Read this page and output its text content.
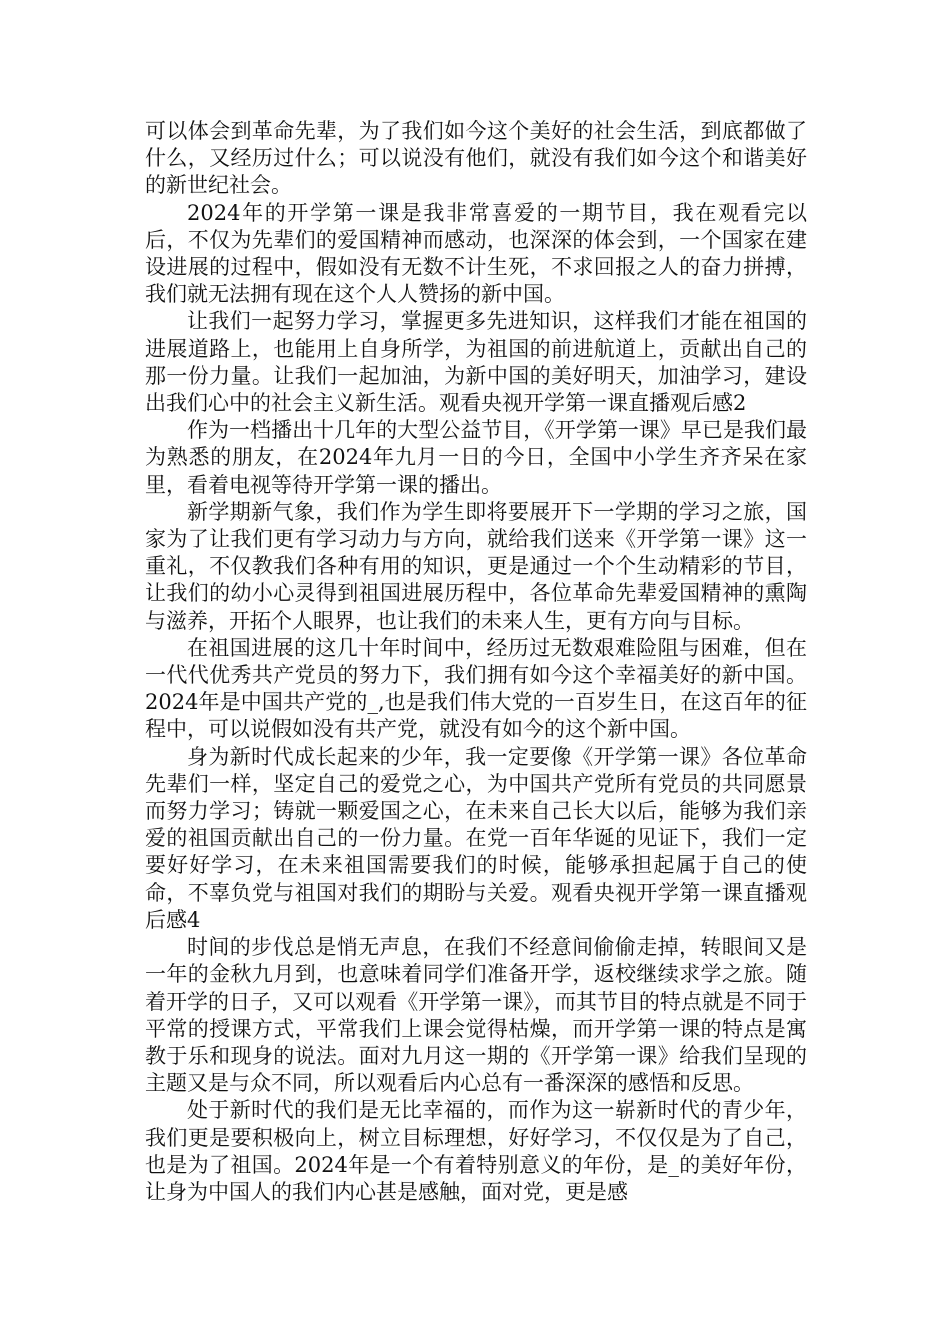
可以体会到革命先辈，为了我们如今这个美好的社会生活，到底都做了什么，又经历过什么；可以说没有他们，就没有我们如今这个和谐美好的新世纪社会。

2024年的开学第一课是我非常喜爱的一期节目，我在观看完以后，不仅为先辈们的爱国精神而感动，也深深的体会到，一个国家在建设进展的过程中，假如没有无数不计生死，不求回报之人的奋力拼搏，我们就无法拥有现在这个人人赞扬的新中国。

让我们一起努力学习，掌握更多先进知识，这样我们才能在祖国的进展道路上，也能用上自身所学，为祖国的前进航道上，贡献出自己的那一份力量。让我们一起加油，为新中国的美好明天，加油学习，建设出我们心中的社会主义新生活。观看央视开学第一课直播观后感2

作为一档播出十几年的大型公益节目，《开学第一课》早已是我们最为熟悉的朋友，在2024年九月一日的今日，全国中小学生齐齐呆在家里，看着电视等待开学第一课的播出。

新学期新气象，我们作为学生即将要展开下一学期的学习之旅，国家为了让我们更有学习动力与方向，就给我们送来《开学第一课》这一重礼，不仅教我们各种有用的知识，更是通过一个个生动精彩的节目，让我们的幼小心灵得到祖国进展历程中，各位革命先辈爱国精神的熏陶与滋养，开拓个人眼界，也让我们的未来人生，更有方向与目标。

在祖国进展的这几十年时间中，经历过无数艰难险阻与困难，但在一代代优秀共产党员的努力下，我们拥有如今这个幸福美好的新中国。2024年是中国共产党的_,也是我们伟大党的一百岁生日，在这百年的征程中，可以说假如没有共产党，就没有如今的这个新中国。

身为新时代成长起来的少年，我一定要像《开学第一课》各位革命先辈们一样，坚定自己的爱党之心，为中国共产党所有党员的共同愿景而努力学习；铸就一颗爱国之心，在未来自己长大以后，能够为我们亲爱的祖国贡献出自己的一份力量。在党一百年华诞的见证下，我们一定要好好学习，在未来祖国需要我们的时候，能够承担起属于自己的使命，不辜负党与祖国对我们的期盼与关爱。观看央视开学第一课直播观后感4

时间的步伐总是悄无声息，在我们不经意间偷偷走掉，转眼间又是一年的金秋九月到，也意味着同学们准备开学，返校继续求学之旅。随着开学的日子，又可以观看《开学第一课》，而其节目的特点就是不同于平常的授课方式，平常我们上课会觉得枯燥，而开学第一课的特点是寓教于乐和现身的说法。面对九月这一期的《开学第一课》给我们呈现的主题又是与众不同，所以观看后内心总有一番深深的感悟和反思。

处于新时代的我们是无比幸福的，而作为这一崭新时代的青少年，我们更是要积极向上，树立目标理想，好好学习，不仅仅是为了自己，也是为了祖国。2024年是一个有着特别意义的年份，是_的美好年份，让身为中国人的我们内心甚是感触，面对党，更是感
